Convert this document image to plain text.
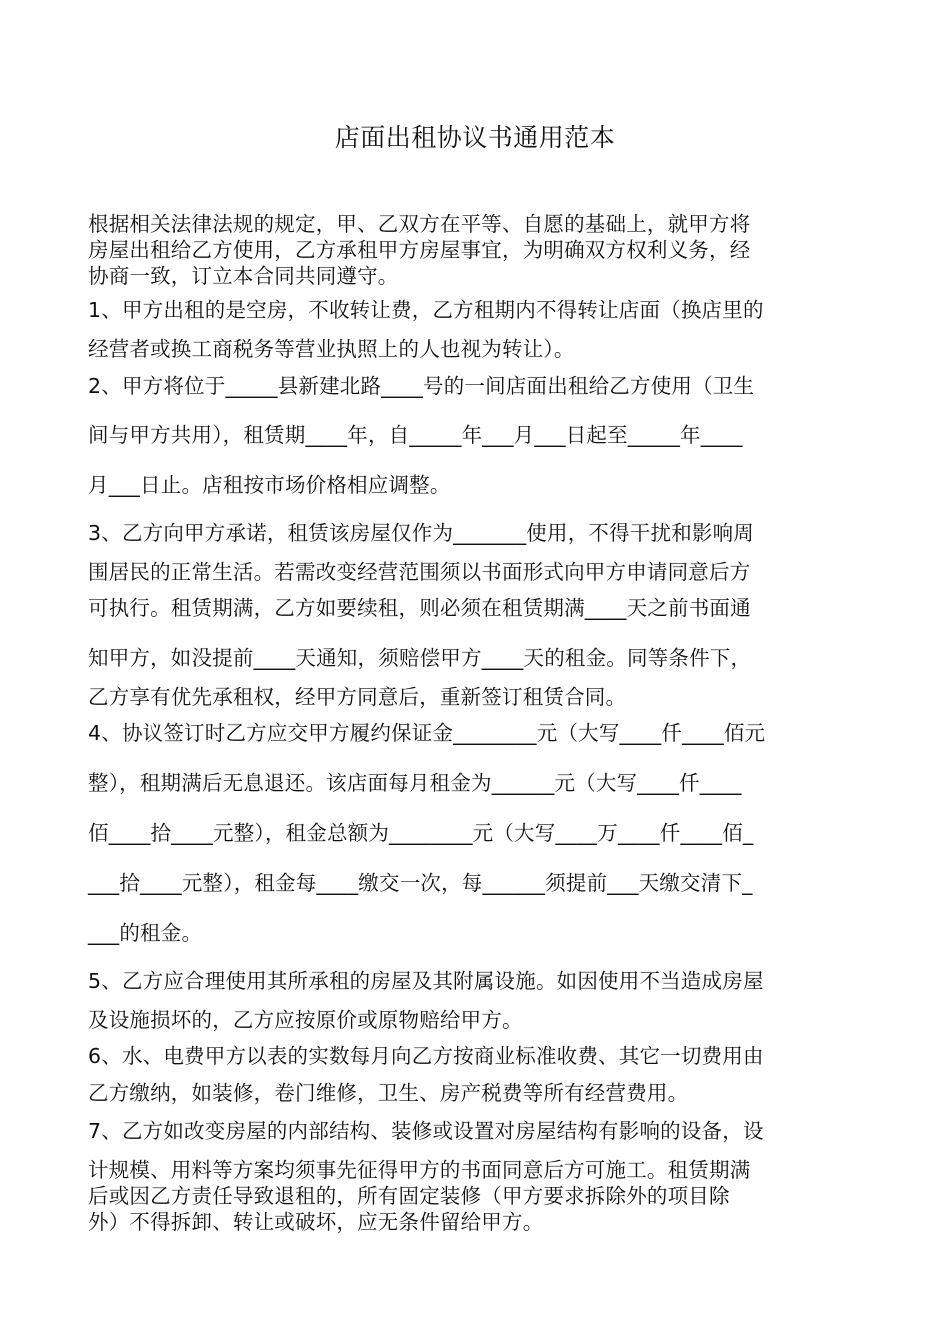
店面出租协议书通用范本
根据相关法律法规的规定，甲、乙双方在平等、自愿的基础上，就甲方将
房屋出租给乙方使用，乙方承租甲方房屋事宜，为明确双方权利义务，经
协商一致，订立本合同共同遵守。
1、甲方出租的是空房，不收转让费，乙方租期内不得转让店面（换店里的
经营者或换工商税务等营业执照上的人也视为转让）。
2、甲方将位于_____县新建北路____号的一间店面出租给乙方使用（卫生
间与甲方共用），租赁期____年，自_____年___月___日起至_____年____
月___日止。店租按市场价格相应调整。
3、乙方向甲方承诺，租赁该房屋仅作为_______使用，不得干扰和影响周
围居民的正常生活。若需改变经营范围须以书面形式向甲方申请同意后方
可执行。租赁期满，乙方如要续租，则必须在租赁期满____天之前书面通
知甲方，如没提前____天通知，须赔偿甲方____天的租金。同等条件下，
乙方享有优先承租权，经甲方同意后，重新签订租赁合同。
4、协议签订时乙方应交甲方履约保证金________元（大写____仟____佰元
整），租期满后无息退还。该店面每月租金为______元（大写____仟____
佰____拾____元整），租金总额为________元（大写____万____仟____佰_
___拾____元整），租金每____缴交一次，每______须提前___天缴交清下_
___的租金。
5、乙方应合理使用其所承租的房屋及其附属设施。如因使用不当造成房屋
及设施损坏的，乙方应按原价或原物赔给甲方。
6、水、电费甲方以表的实数每月向乙方按商业标准收费、其它一切费用由
乙方缴纳，如装修，卷门维修，卫生、房产税费等所有经营费用。
7、乙方如改变房屋的内部结构、装修或设置对房屋结构有影响的设备，设
计规模、用料等方案均须事先征得甲方的书面同意后方可施工。租赁期满
后或因乙方责任导致退租的，所有固定装修（甲方要求拆除外的项目除
外）不得拆卸、转让或破坏，应无条件留给甲方。
